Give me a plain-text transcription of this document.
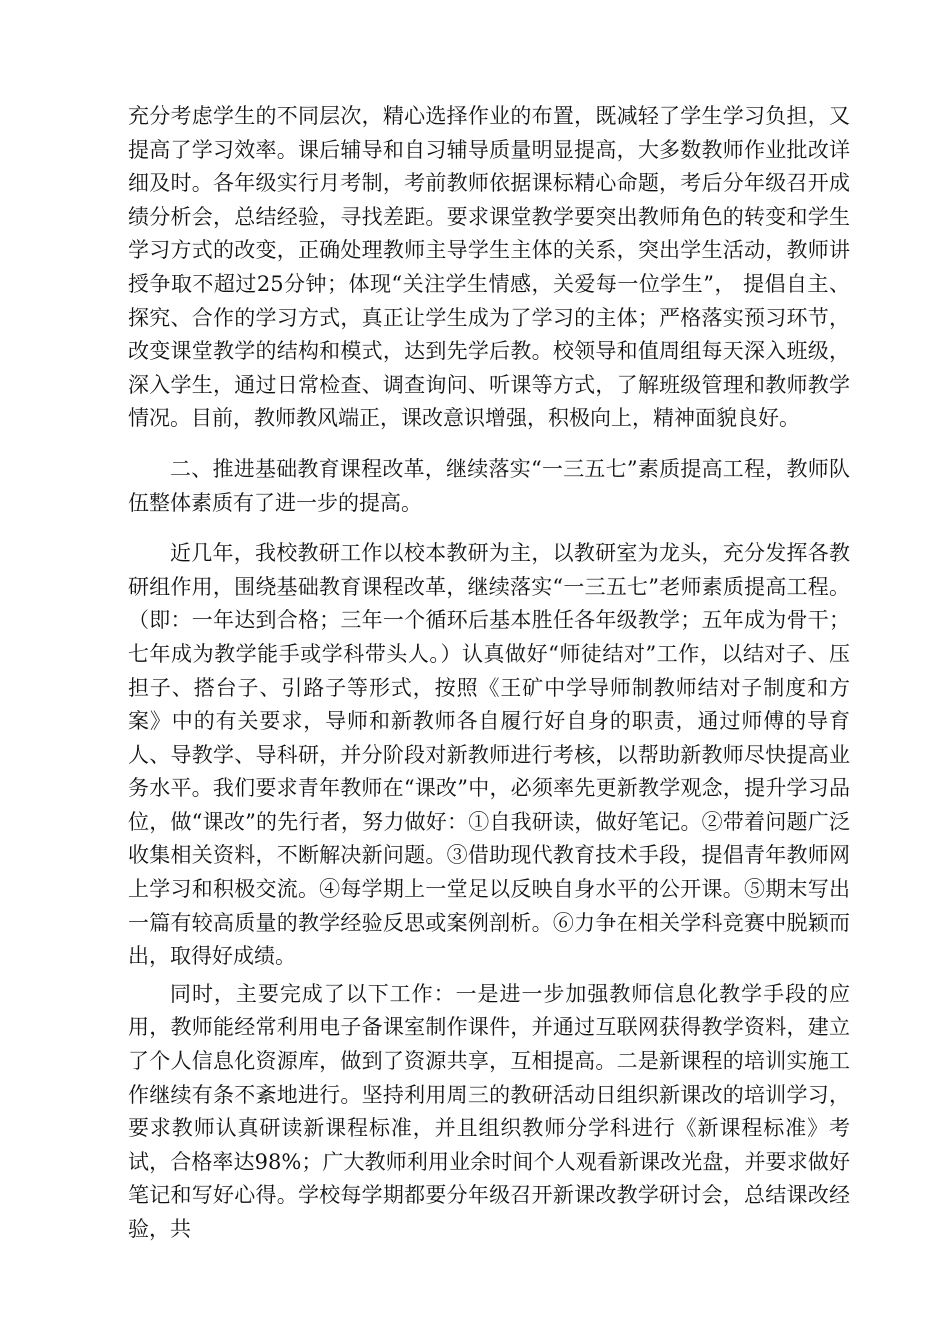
充分考虑学生的不同层次，精心选择作业的布置，既减轻了学生学习负担，又提高了学习效率。课后辅导和自习辅导质量明显提高，大多数教师作业批改详细及时。各年级实行月考制，考前教师依据课标精心命题，考后分年级召开成绩分析会，总结经验，寻找差距。要求课堂教学要突出教师角色的转变和学生学习方式的改变，正确处理教师主导学生主体的关系，突出学生活动，教师讲授争取不超过25分钟；体现“关注学生情感，关爱每一位学生”， 提倡自主、探究、合作的学习方式，真正让学生成为了学习的主体；严格落实预习环节，改变课堂教学的结构和模式，达到先学后教。校领导和值周组每天深入班级，深入学生，通过日常检查、调查询问、听课等方式，了解班级管理和教师教学情况。目前，教师教风端正，课改意识增强，积极向上，精神面貌良好。

二、推进基础教育课程改革，继续落实“一三五七”素质提高工程，教师队伍整体素质有了进一步的提高。

近几年，我校教研工作以校本教研为主，以教研室为龙头，充分发挥各教研组作用，围绕基础教育课程改革，继续落实“一三五七”老师素质提高工程。（即：一年达到合格；三年一个循环后基本胜任各年级教学；五年成为骨干；七年成为教学能手或学科带头人。）认真做好“师徒结对”工作，以结对子、压担子、搭台子、引路子等形式，按照《王矿中学导师制教师结对子制度和方案》中的有关要求，导师和新教师各自履行好自身的职责，通过师傅的导育人、导教学、导科研，并分阶段对新教师进行考核，以帮助新教师尽快提高业务水平。我们要求青年教师在“课改”中，必须率先更新教学观念，提升学习品位，做“课改”的先行者，努力做好：①自我研读，做好笔记。②带着问题广泛收集相关资料，不断解决新问题。③借助现代教育技术手段，提倡青年教师网上学习和积极交流。④每学期上一堂足以反映自身水平的公开课。⑤期末写出一篇有较高质量的教学经验反思或案例剖析。⑥力争在相关学科竞赛中脱颖而出，取得好成绩。

同时，主要完成了以下工作：一是进一步加强教师信息化教学手段的应用，教师能经常利用电子备课室制作课件，并通过互联网获得教学资料，建立了个人信息化资源库，做到了资源共享，互相提高。二是新课程的培训实施工作继续有条不紊地进行。坚持利用周三的教研活动日组织新课改的培训学习，要求教师认真研读新课程标准，并且组织教师分学科进行《新课程标准》考试，合格率达98%；广大教师利用业余时间个人观看新课改光盘，并要求做好笔记和写好心得。学校每学期都要分年级召开新课改教学研讨会，总结课改经验，共
